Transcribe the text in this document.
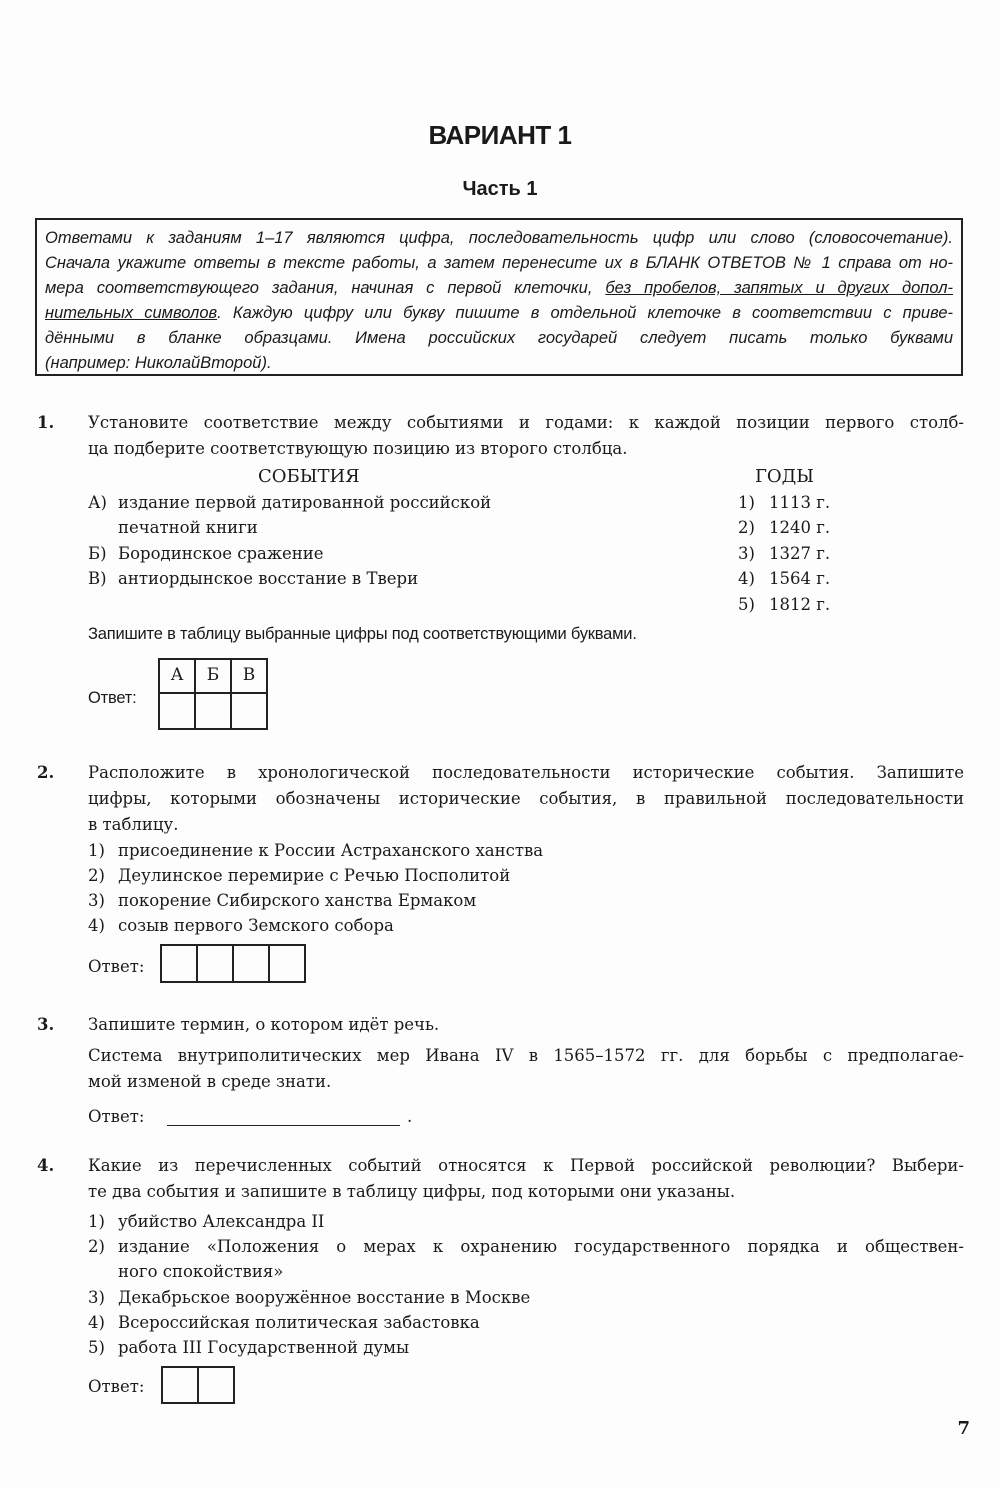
ВАРИАНТ 1
Часть 1
Ответами к заданиям 1–17 являются цифра, последовательность цифр или слово (словосочетание).
Сначала укажите ответы в тексте работы, а затем перенесите их в БЛАНК ОТВЕТОВ № 1 справа от но-
мера соответствующего задания, начиная с первой клеточки, без пробелов, запятых и других допол-
нительных символов. Каждую цифру или букву пишите в отдельной клеточке в соответствии с приве-
дёнными в бланке образцами. Имена российских государей следует писать только буквами
(например: НиколайВторой).
1. Установите соответствие между событиями и годами: к каждой позиции первого столб-
ца подберите соответствующую позицию из второго столбца.
СОБЫТИЯ	ГОДЫ
А) издание первой датированной российской
печатной книги
Б) Бородинское сражение
В) антиордынское восстание в Твери
1) 1113 г.
2) 1240 г.
3) 1327 г.
4) 1564 г.
5) 1812 г.
Запишите в таблицу выбранные цифры под соответствующими буквами.
Ответ:
А	Б	В

2. Расположите в хронологической последовательности исторические события. Запишите
цифры, которыми обозначены исторические события, в правильной последовательности
в таблицу.
1) присоединение к России Астраханского ханства
2) Деулинское перемирие с Речью Посполитой
3) покорение Сибирского ханства Ермаком
4) созыв первого Земского собора
Ответ:

3. Запишите термин, о котором идёт речь.
Система внутриполитических мер Ивана IV в 1565–1572 гг. для борьбы с предполагае-
мой изменой в среде знати.
Ответ:	.
4. Какие из перечисленных событий относятся к Первой российской революции? Выбери-
те два события и запишите в таблицу цифры, под которыми они указаны.
1) убийство Александра II
2) издание «Положения о мерах к охранению государственного порядка и обществен-
ного спокойствия»
3) Декабрьское вооружённое восстание в Москве
4) Всероссийская политическая забастовка
5) работа III Государственной думы
Ответ:

7
